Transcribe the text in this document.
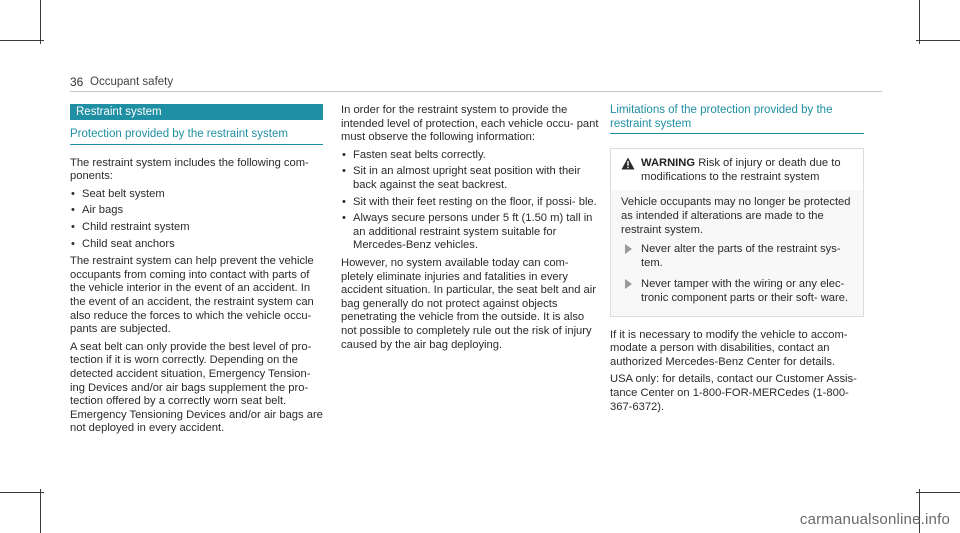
36 Occupant safety
Restraint system
Protection provided by the restraint system

The restraint system includes the following com- ponents:

• Seat belt system
• Air bags
• Child restraint system
• Child seat anchors

The restraint system can help prevent the vehicle occupants from coming into contact with parts of the vehicle interior in the event of an accident. In the event of an accident, the restraint system can also reduce the forces to which the vehicle occu- pants are subjected.

A seat belt can only provide the best level of pro- tection if it is worn correctly. Depending on the detected accident situation, Emergency Tension- ing Devices and/or air bags supplement the pro- tection offered by a correctly worn seat belt. Emergency Tensioning Devices and/or air bags are not deployed in every accident.

In order for the restraint system to provide the intended level of protection, each vehicle occu- pant must observe the following information:

• Fasten seat belts correctly.
• Sit in an almost upright seat position with their back against the seat backrest.
• Sit with their feet resting on the floor, if possi- ble.
• Always secure persons under 5 ft (1.50 m) tall in an additional restraint system suitable for Mercedes-Benz vehicles.

However, no system available today can com- pletely eliminate injuries and fatalities in every accident situation. In particular, the seat belt and air bag generally do not protect against objects penetrating the vehicle from the outside. It is also not possible to completely rule out the risk of injury caused by the air bag deploying.

Limitations of the protection provided by the restraint system
WARNING Risk of injury or death due to modifications to the restraint system

Vehicle occupants may no longer be protected as intended if alterations are made to the restraint system.

Never alter the parts of the restraint sys- tem.
Never tamper with the wiring or any elec- tronic component parts or their soft- ware.

If it is necessary to modify the vehicle to accom- modate a person with disabilities, contact an authorized Mercedes-Benz Center for details.

USA only: for details, contact our Customer Assis- tance Center on 1-800-FOR-MERCedes (1-800-367-6372).

carmanualsonline.info
